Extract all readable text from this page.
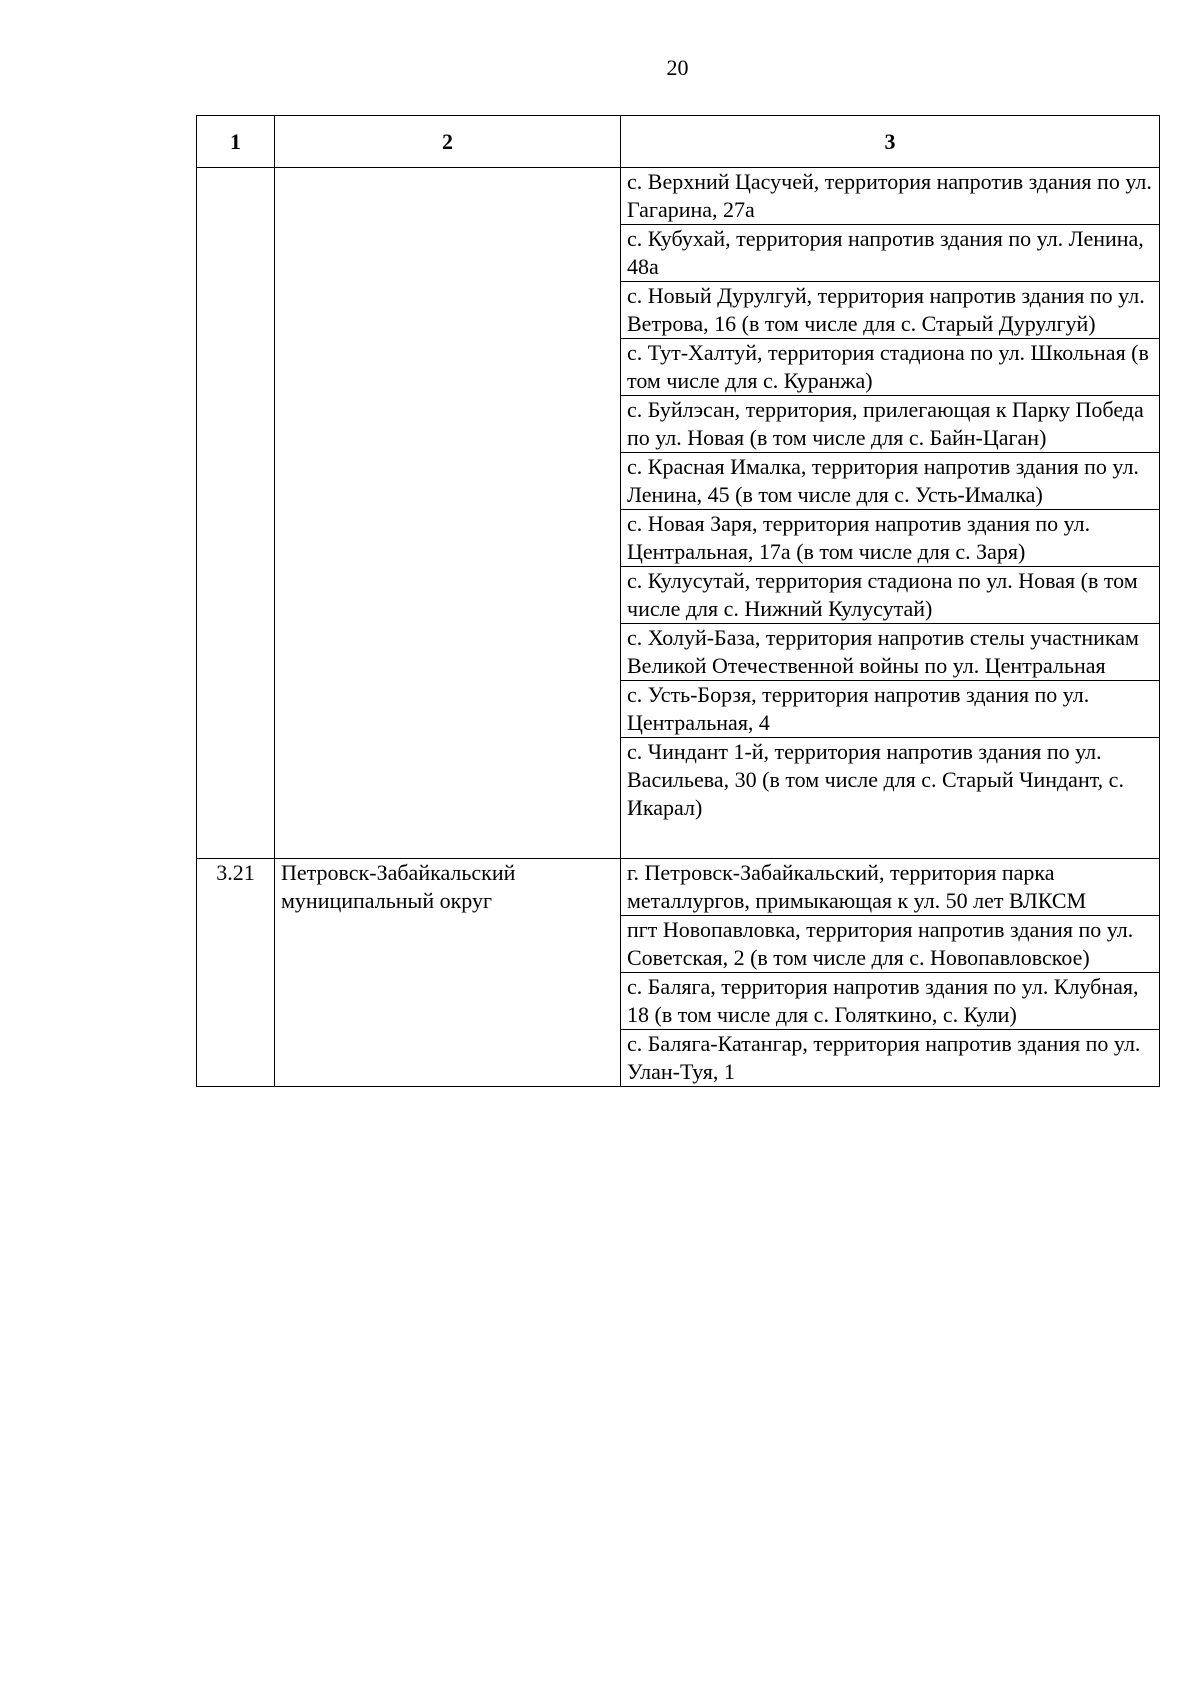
20
1	2	3
		с. Верхний Цасучей, территория напротив здания по ул. Гагарина, 27а
		с. Кубухай, территория напротив здания по ул. Ленина, 48а
		с. Новый Дурулгуй, территория напротив здания по ул. Ветрова, 16 (в том числе для с. Старый Дурулгуй)
		с. Тут-Халтуй, территория стадиона по ул. Школьная (в том числе для с. Куранжа)
		с. Буйлэсан, территория, прилегающая к Парку Победа по ул. Новая (в том числе для с. Байн-Цаган)
		с. Красная Ималка, территория напротив здания по ул. Ленина, 45 (в том числе для с. Усть-Ималка)
		с. Новая Заря, территория напротив здания по ул. Центральная, 17а (в том числе для с. Заря)
		с. Кулусутай, территория стадиона по ул. Новая (в том числе для с. Нижний Кулусутай)
		с. Холуй-База, территория напротив стелы участникам Великой Отечественной войны по ул. Центральная
		с. Усть-Борзя, территория напротив здания по ул. Центральная, 4
		с. Чиндант 1-й, территория напротив здания по ул. Васильева, 30 (в том числе для с. Старый Чиндант, с. Икарал)
3.21	Петровск-Забайкальский муниципальный округ	г. Петровск-Забайкальский, территория парка металлургов, примыкающая к ул. 50 лет ВЛКСМ
		пгт Новопавловка, территория напротив здания по ул. Советская, 2 (в том числе для с. Новопавловское)
		с. Баляга, территория напротив здания по ул. Клубная, 18 (в том числе для с. Голяткино, с. Кули)
		с. Баляга-Катангар, территория напротив здания по ул. Улан-Туя, 1
